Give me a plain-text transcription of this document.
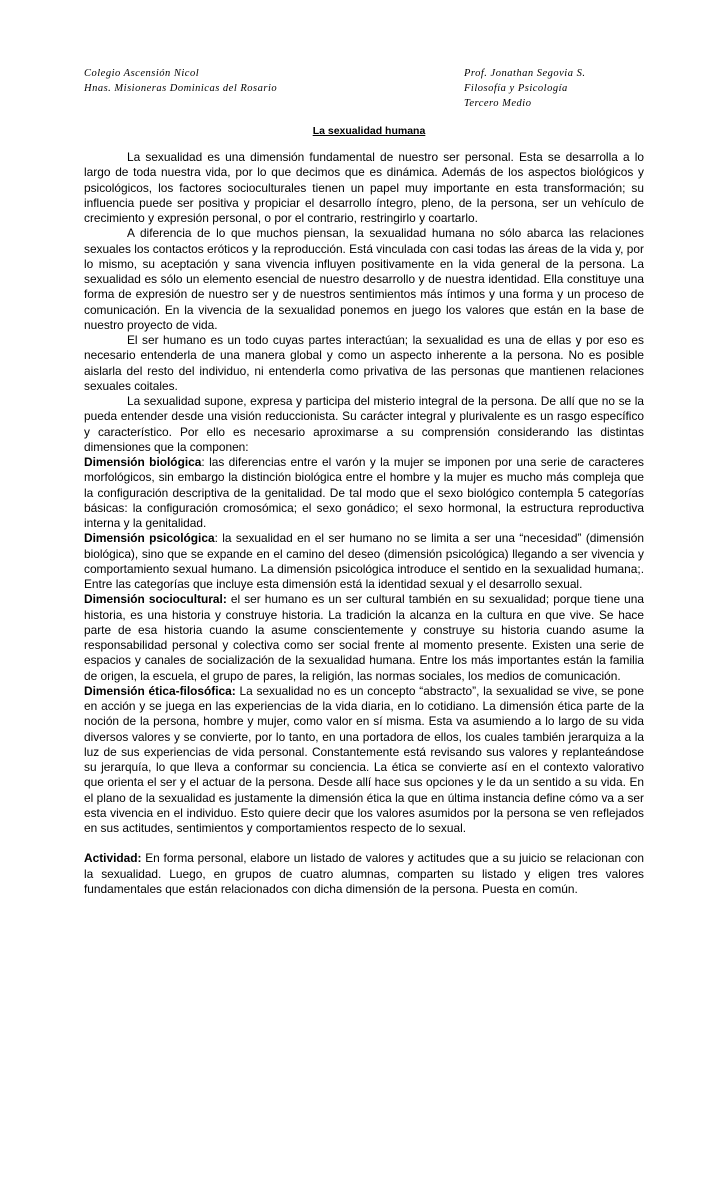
Colegio Ascensión Nicol
Hnas. Misioneras Dominicas del Rosario
Prof. Jonathan Segovia S.
Filosofía y Psicología
Tercero Medio
La sexualidad humana

La sexualidad es una dimensión fundamental de nuestro ser personal. Esta se desarrolla a lo largo de toda nuestra vida, por lo que decimos que es dinámica. Además de los aspectos biológicos y psicológicos, los factores socioculturales tienen un papel muy importante en esta transformación; su influencia puede ser positiva y propiciar el desarrollo íntegro, pleno, de la persona, ser un vehículo de crecimiento y expresión personal, o por el contrario, restringirlo y coartarlo.

A diferencia de lo que muchos piensan, la sexualidad humana no sólo abarca las relaciones sexuales los contactos eróticos y la reproducción. Está vinculada con casi todas las áreas de la vida y, por lo mismo, su aceptación y sana vivencia influyen positivamente en la vida general de la persona. La sexualidad es sólo un elemento esencial de nuestro desarrollo y de nuestra identidad. Ella constituye una forma de expresión de nuestro ser y de nuestros sentimientos más íntimos y una forma y un proceso de comunicación. En la vivencia de la sexualidad ponemos en juego los valores que están en la base de nuestro proyecto de vida.

El ser humano es un todo cuyas partes interactúan; la sexualidad es una de ellas y por eso es necesario entenderla de una manera global y como un aspecto inherente a la persona. No es posible aislarla del resto del individuo, ni entenderla como privativa de las personas que mantienen relaciones sexuales coitales.

La sexualidad supone, expresa y participa del misterio integral de la persona. De allí que no se la pueda entender desde una visión reduccionista. Su carácter integral y plurivalente es un rasgo específico y característico. Por ello es necesario aproximarse a su comprensión considerando las distintas dimensiones que la componen:

Dimensión biológica: las diferencias entre el varón y la mujer se imponen por una serie de caracteres morfológicos, sin embargo la distinción biológica entre el hombre y la mujer es mucho más compleja que la configuración descriptiva de la genitalidad. De tal modo que el sexo biológico contempla 5 categorías básicas: la configuración cromosómica; el sexo gonádico; el sexo hormonal, la estructura reproductiva interna y la genitalidad.

Dimensión psicológica: la sexualidad en el ser humano no se limita a ser una “necesidad” (dimensión biológica), sino que se expande en el camino del deseo (dimensión psicológica) llegando a ser vivencia y comportamiento sexual humano. La dimensión psicológica introduce el sentido en la sexualidad humana;. Entre las categorías que incluye esta dimensión está la identidad sexual y el desarrollo sexual.

Dimensión sociocultural: el ser humano es un ser cultural también en su sexualidad; porque tiene una historia, es una historia y construye historia. La tradición la alcanza en la cultura en que vive. Se hace parte de esa historia cuando la asume conscientemente y construye su historia cuando asume la responsabilidad personal y colectiva como ser social frente al momento presente. Existen una serie de espacios y canales de socialización de la sexualidad humana. Entre los más importantes están la familia de origen, la escuela, el grupo de pares, la religión, las normas sociales, los medios de comunicación.

Dimensión ética-filosófica: La sexualidad no es un concepto “abstracto”, la sexualidad se vive, se pone en acción y se juega en las experiencias de la vida diaria, en lo cotidiano. La dimensión ética parte de la noción de la persona, hombre y mujer, como valor en sí misma. Esta va asumiendo a lo largo de su vida diversos valores y se convierte, por lo tanto, en una portadora de ellos, los cuales también jerarquiza a la luz de sus experiencias de vida personal. Constantemente está revisando sus valores y replanteándose su jerarquía, lo que lleva a conformar su conciencia. La ética se convierte así en el contexto valorativo que orienta el ser y el actuar de la persona. Desde allí hace sus opciones y le da un sentido a su vida. En el plano de la sexualidad es justamente la dimensión ética la que en última instancia define cómo va a ser esta vivencia en el individuo. Esto quiere decir que los valores asumidos por la persona se ven reflejados en sus actitudes, sentimientos y comportamientos respecto de lo sexual.

Actividad: En forma personal, elabore un listado de valores y actitudes que a su juicio se relacionan con la sexualidad. Luego, en grupos de cuatro alumnas, comparten su listado y eligen tres valores fundamentales que están relacionados con dicha dimensión de la persona. Puesta en común.
